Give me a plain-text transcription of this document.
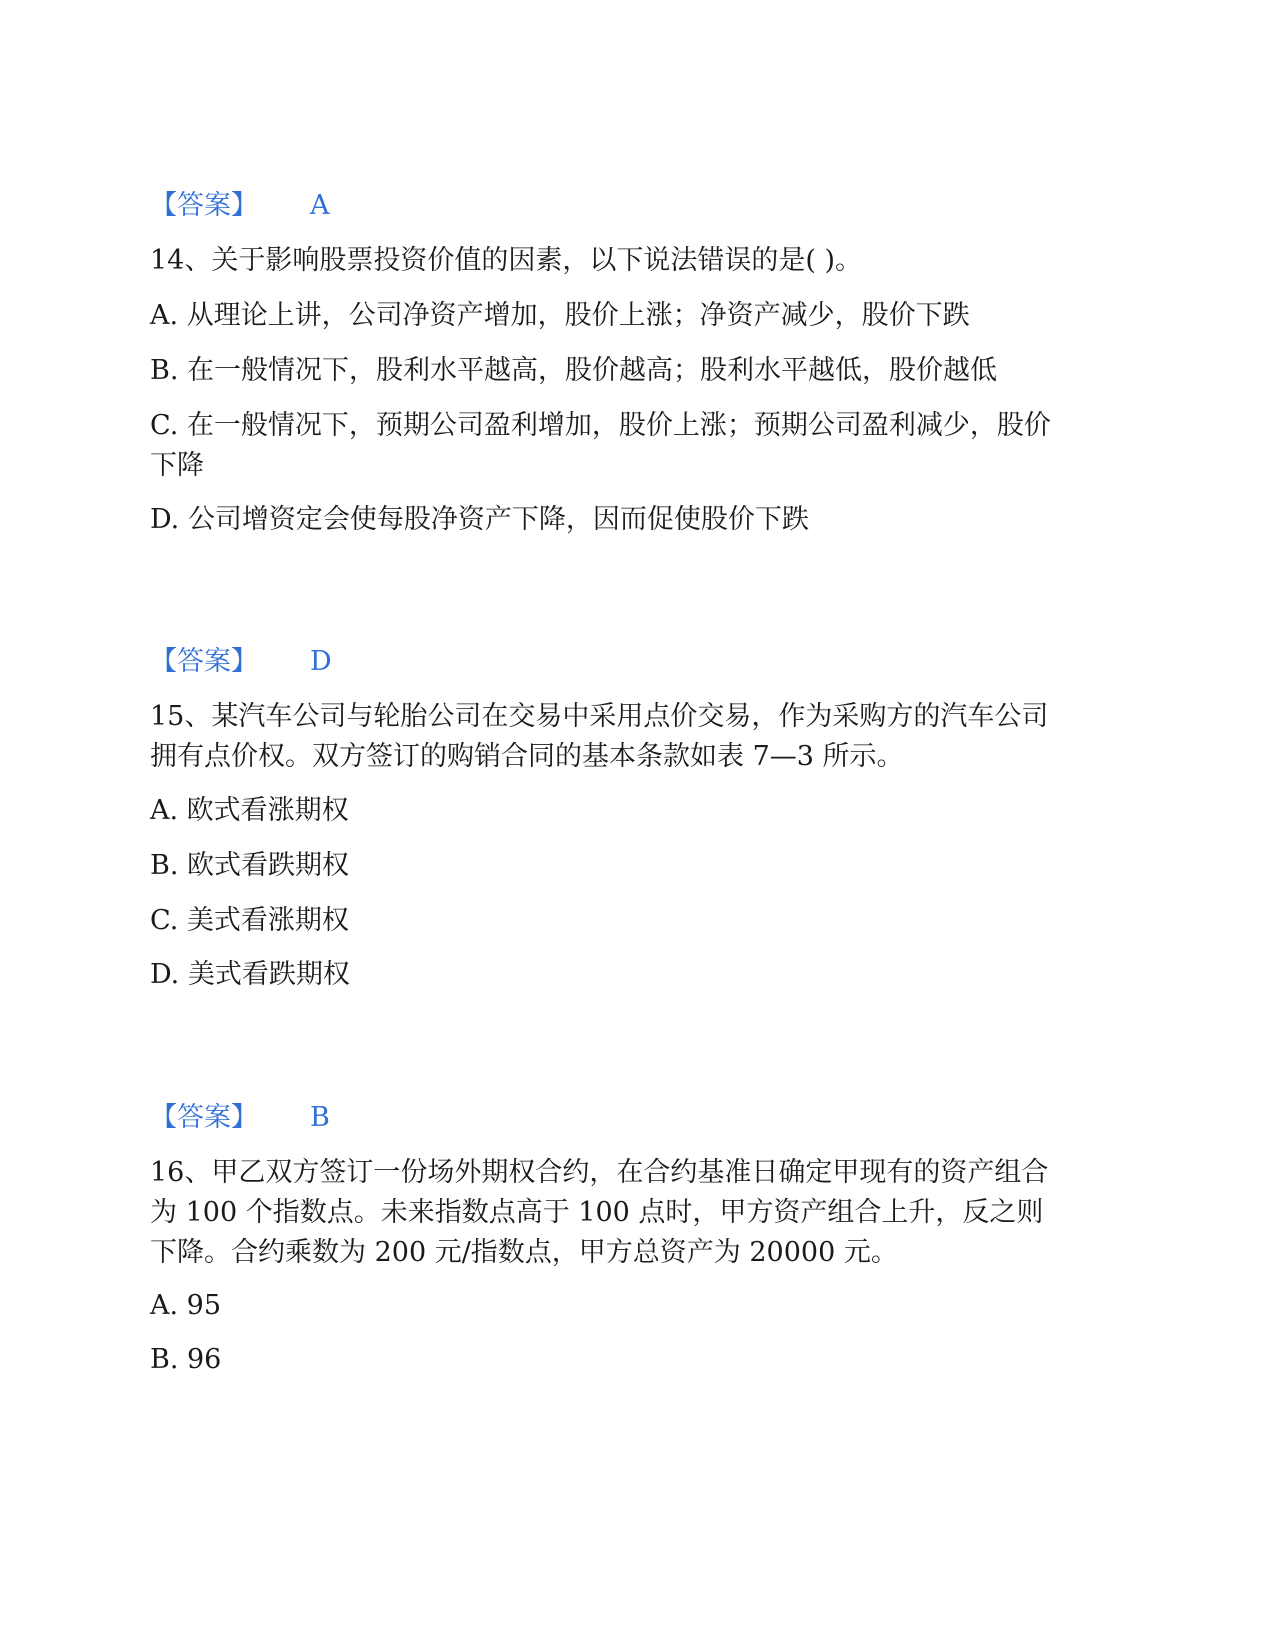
【答案】 A
14、关于影响股票投资价值的因素，以下说法错误的是( )。
A. 从理论上讲，公司净资产增加，股价上涨；净资产减少，股价下跌
B. 在一般情况下，股利水平越高，股价越高；股利水平越低，股价越低
C. 在一般情况下，预期公司盈利增加，股价上涨；预期公司盈利减少，股价下降
D. 公司增资定会使每股净资产下降，因而促使股价下跌
【答案】 D
15、某汽车公司与轮胎公司在交易中采用点价交易，作为采购方的汽车公司拥有点价权。双方签订的购销合同的基本条款如表 7—3 所示。
A. 欧式看涨期权
B. 欧式看跌期权
C. 美式看涨期权
D. 美式看跌期权
【答案】 B
16、甲乙双方签订一份场外期权合约，在合约基准日确定甲现有的资产组合为 100 个指数点。未来指数点高于 100 点时，甲方资产组合上升，反之则下降。合约乘数为 200 元/指数点，甲方总资产为 20000 元。
A. 95
B. 96
